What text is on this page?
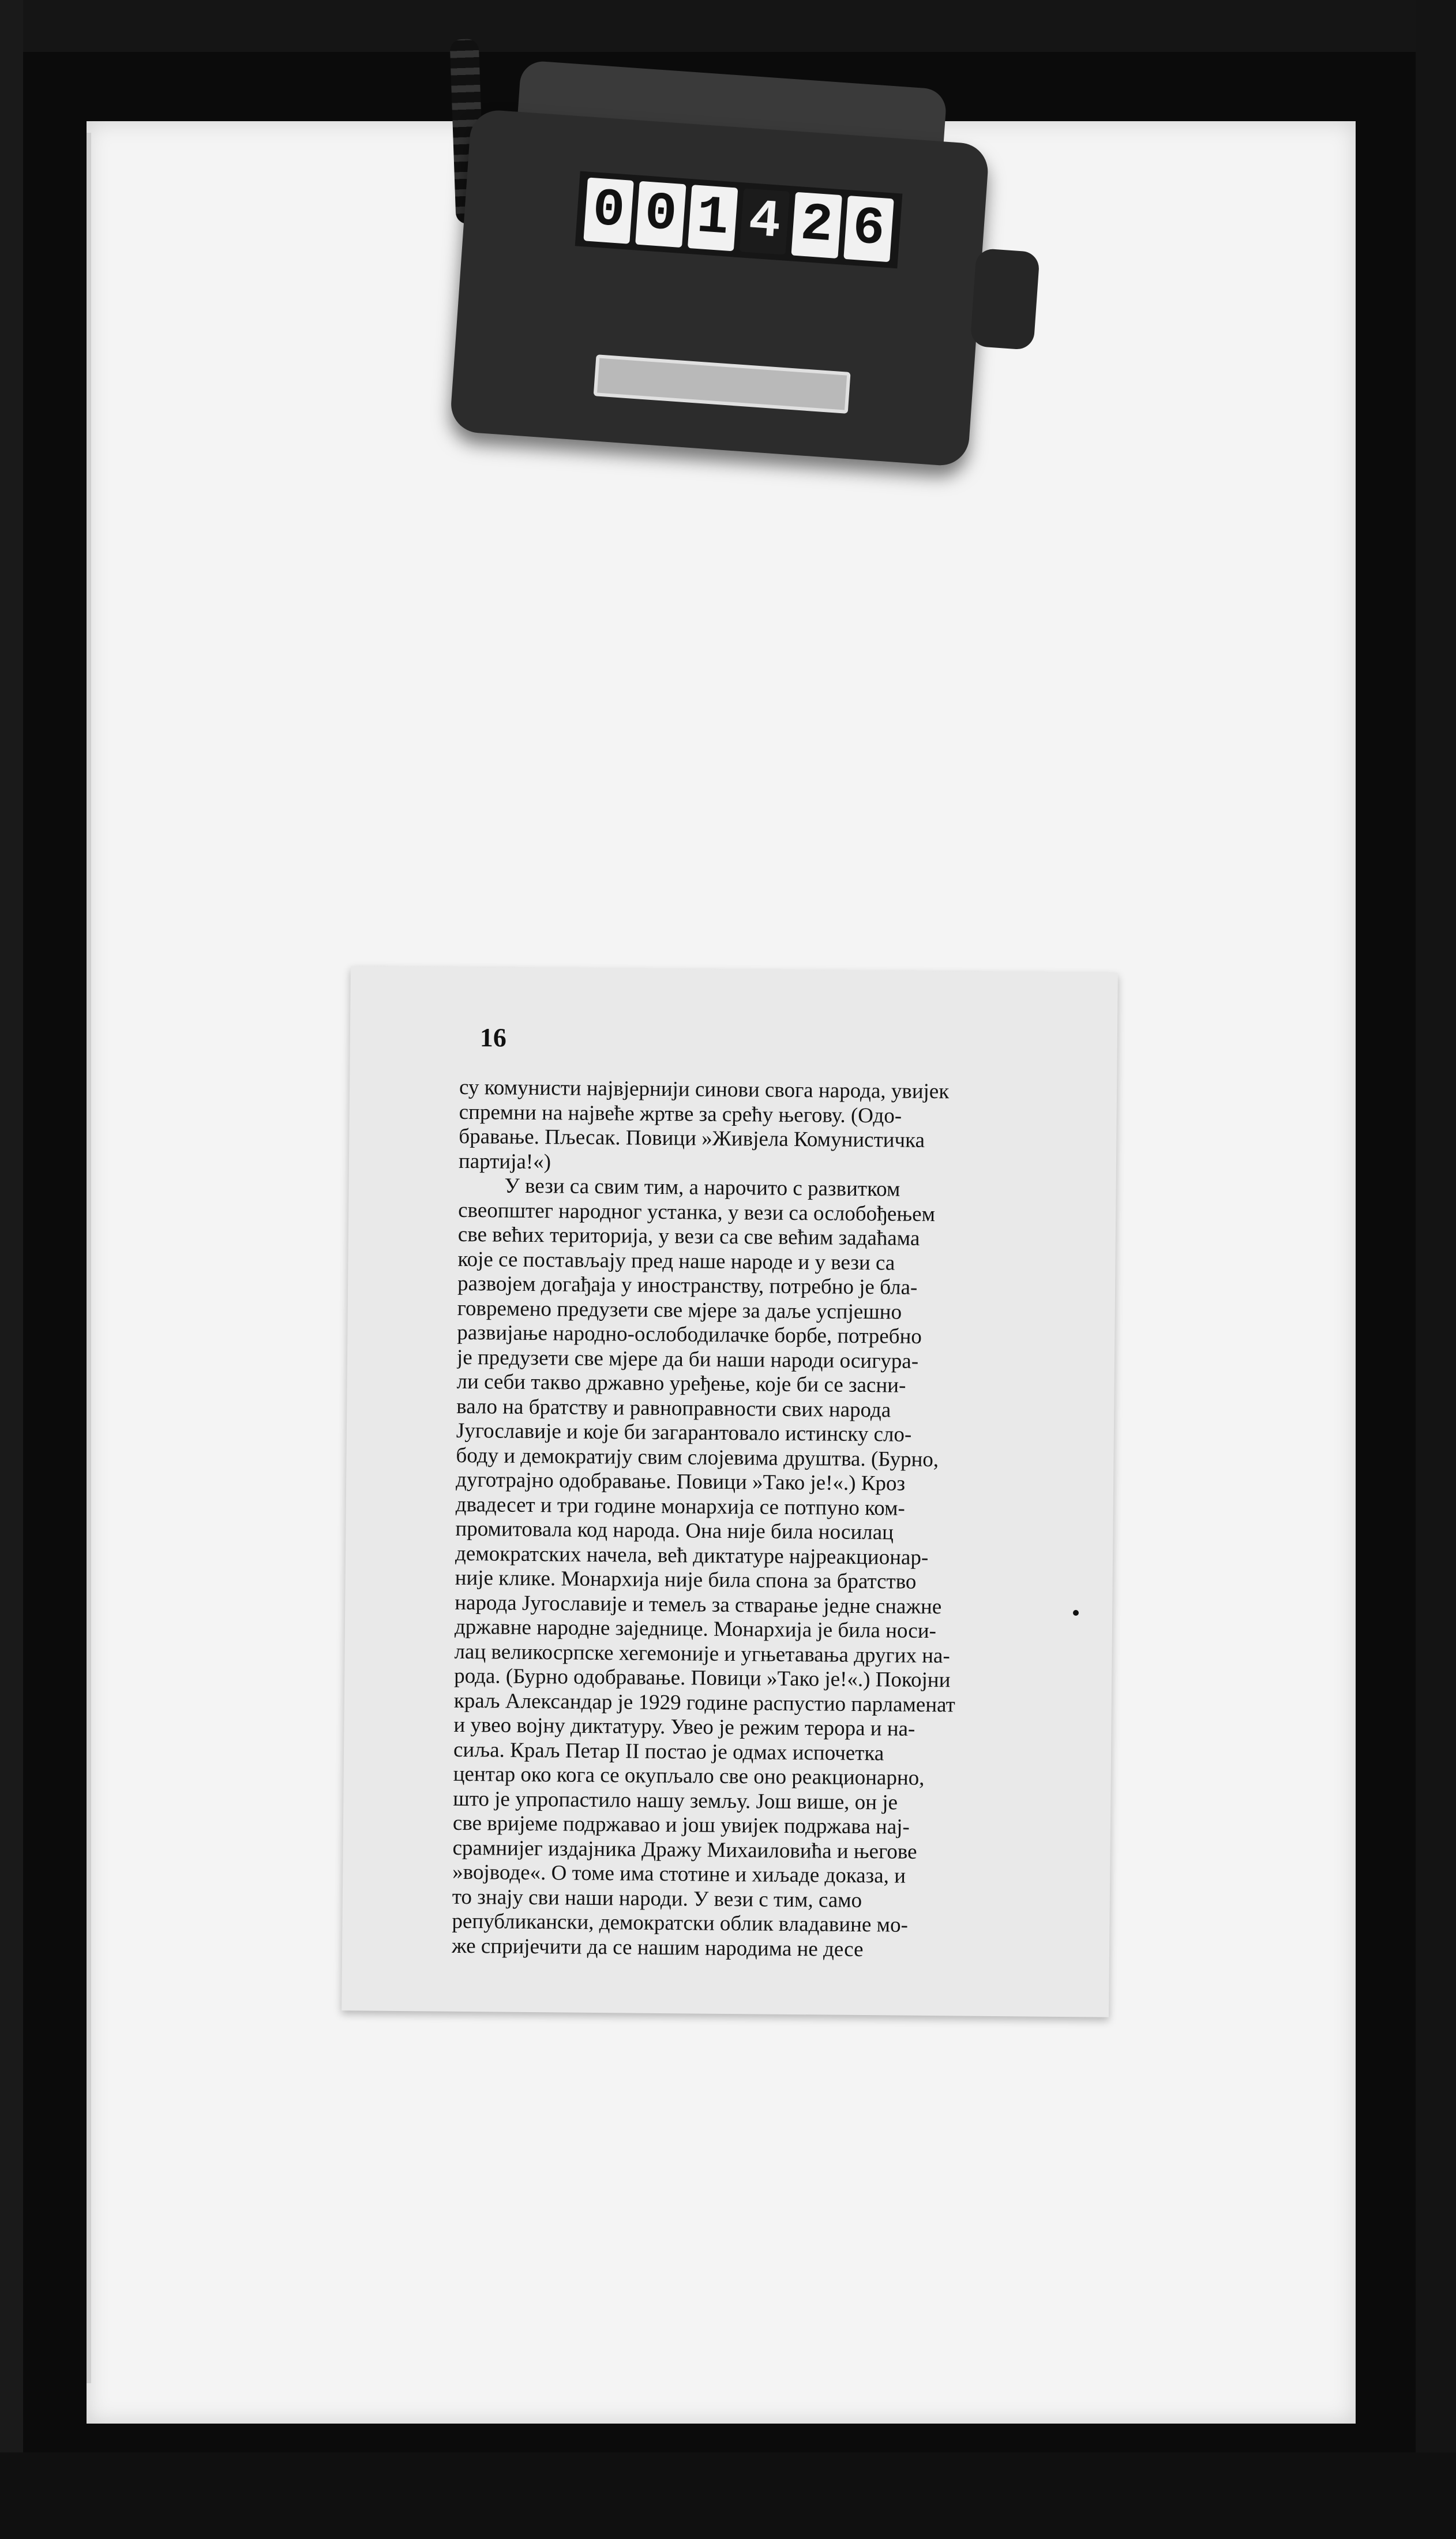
0 0 1 4 2 6
16
су комунисти највјернији синови свога народа, увијек
спремни на највеће жртве за срећу његову. (Одо-
бравање. Пљесак. Повици »Живјела Комунистичка
партија!«)
У вези са свим тим, а нарочито с развитком
свеопштег народног устанка, у вези са ослобођењем
све већих територија, у вези са све већим задаћама
које се постављају пред наше народе и у вези са
развојем догађаја у иностранству, потребно је бла-
говремено предузети све мјере за даље успјешно
развијање народно-ослободилачке борбе, потребно
је предузети све мјере да би наши народи осигура-
ли себи такво државно уређење, које би се засни-
вало на братству и равноправности свих народа
Југославије и које би загарантовало истинску сло-
боду и демократију свим слојевима друштва. (Бурно,
дуготрајно одобравање. Повици »Тако је!«.) Кроз
двадесет и три године монархија се потпуно ком-
промитовала код народа. Она није била носилац
демократских начела, већ диктатуре најреакционар-
није клике. Монархија није била спона за братство
народа Југославије и темељ за стварање једне снажне
државне народне заједнице. Монархија је била носи-
лац великосрпске хегемоније и угњетавања других на-
рода. (Бурно одобравање. Повици »Тако је!«.) Покојни
краљ Александар је 1929 године распустио парламенат
и увео војну диктатуру. Увео је режим терора и на-
сиља. Краљ Петар II постао је одмах испочетка
центар око кога се окупљало све оно реакционарно,
што је упропастило нашу земљу. Још више, он је
све вријеме подржавао и још увијек подржава нај-
срамнијег издајника Дражу Михаиловића и његове
»војводе«. О томе има стотине и хиљаде доказа, и
то знају сви наши народи. У вези с тим, само
републикански, демократски облик владавине мо-
же спријечити да се нашим народима не десе
